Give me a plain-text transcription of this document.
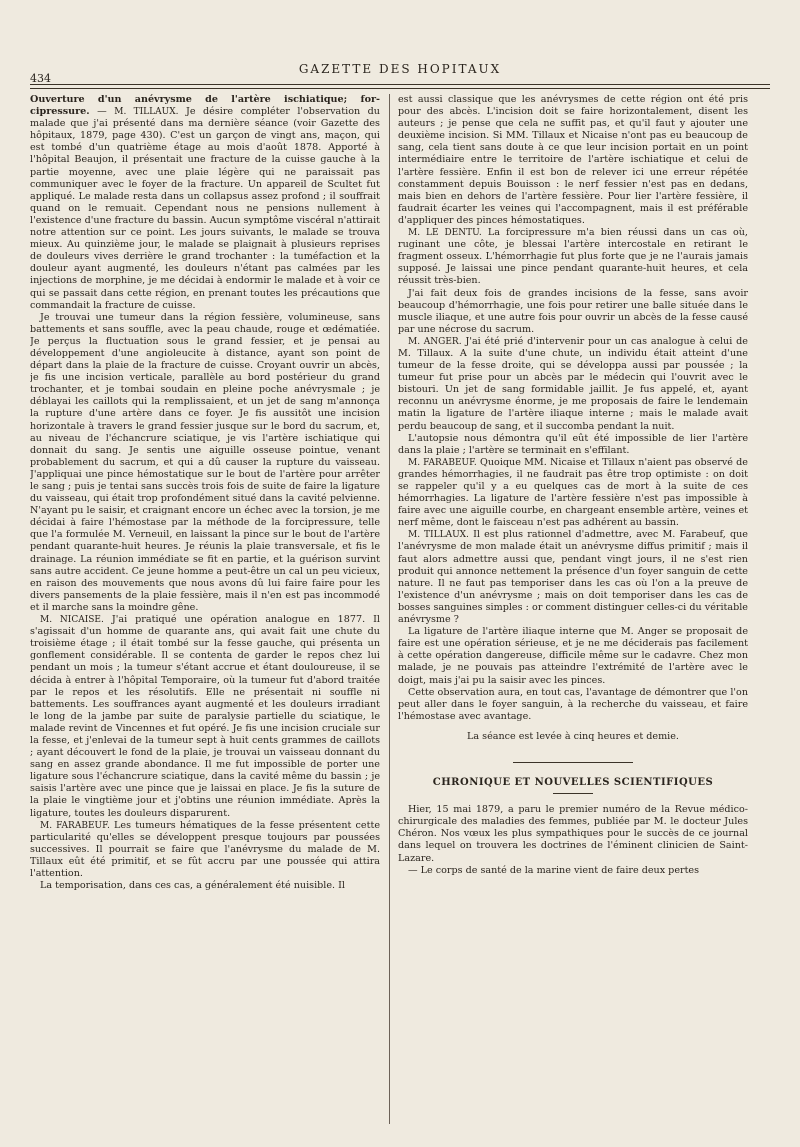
434
GAZETTE DES HOPITAUX

Ouverture d'un anévrysme de l'artère ischiatique; for-cipressure. — M. TILLAUX. Je désire compléter l'observation du malade que j'ai présenté dans ma dernière séance (voir Gazette des hôpitaux, 1879, page 430). C'est un garçon de vingt ans, maçon, qui est tombé d'un quatrième étage au mois d'août 1878. Apporté à l'hôpital Beaujon, il présentait une fracture de la cuisse gauche à la partie moyenne, avec une plaie légère qui ne paraissait pas communiquer avec le foyer de la fracture. Un appareil de Scultet fut appliqué. Le malade resta dans un collapsus assez profond ; il souffrait quand on le remuait. Cependant nous ne pensions nullement à l'existence d'une fracture du bassin. Aucun symptôme viscéral n'attirait notre attention sur ce point. Les jours suivants, le malade se trouva mieux. Au quinzième jour, le malade se plaignait à plusieurs reprises de douleurs vives derrière le grand trochanter : la tuméfaction et la douleur ayant augmenté, les douleurs n'étant pas calmées par les injections de morphine, je me décidai à endormir le malade et à voir ce qui se passait dans cette région, en prenant toutes les précautions que commandait la fracture de cuisse.

Je trouvai une tumeur dans la région fessière, volumineuse, sans battements et sans souffle, avec la peau chaude, rouge et œdématiée. Je perçus la fluctuation sous le grand fessier, et je pensai au développement d'une angioleucite à distance, ayant son point de départ dans la plaie de la fracture de cuisse. Croyant ouvrir un abcès, je fis une incision verticale, parallèle au bord postérieur du grand trochanter, et je tombai soudain en pleine poche anévrysmale ; je déblayai les caillots qui la remplissaient, et un jet de sang m'annonça la rupture d'une artère dans ce foyer. Je fis aussitôt une incision horizontale à travers le grand fessier jusque sur le bord du sacrum, et, au niveau de l'échancrure sciatique, je vis l'artère ischiatique qui donnait du sang. Je sentis une aiguille osseuse pointue, venant probablement du sacrum, et qui a dû causer la rupture du vaisseau. J'appliquai une pince hémostatique sur le bout de l'artère pour arrêter le sang ; puis je tentai sans succès trois fois de suite de faire la ligature du vaisseau, qui était trop profondément situé dans la cavité pelvienne. N'ayant pu le saisir, et craignant encore un échec avec la torsion, je me décidai à faire l'hémostase par la méthode de la forcipressure, telle que l'a formulée M. Verneuil, en laissant la pince sur le bout de l'artère pendant quarante-huit heures. Je réunis la plaie transversale, et fis le drainage. La réunion immédiate se fit en partie, et la guérison survint sans autre accident. Ce jeune homme a peut-être un cal un peu vicieux, en raison des mouvements que nous avons dû lui faire faire pour les divers pansements de la plaie fessière, mais il n'en est pas incommodé et il marche sans la moindre gêne.

M. NICAISE. J'ai pratiqué une opération analogue en 1877. Il s'agissait d'un homme de quarante ans, qui avait fait une chute du troisième étage ; il était tombé sur la fesse gauche, qui présenta un gonflement considérable. Il se contenta de garder le repos chez lui pendant un mois ; la tumeur s'étant accrue et étant douloureuse, il se décida à entrer à l'hôpital Temporaire, où la tumeur fut d'abord traitée par le repos et les résolutifs. Elle ne présentait ni souffle ni battements. Les souffrances ayant augmenté et les douleurs irradiant le long de la jambe par suite de paralysie partielle du sciatique, le malade revint de Vincennes et fut opéré. Je fis une incision cruciale sur la fesse, et j'enlevai de la tumeur sept à huit cents grammes de caillots ; ayant découvert le fond de la plaie, je trouvai un vaisseau donnant du sang en assez grande abondance. Il me fut impossible de porter une ligature sous l'échancrure sciatique, dans la cavité même du bassin ; je saisis l'artère avec une pince que je laissai en place. Je fis la suture de la plaie le vingtième jour et j'obtins une réunion immédiate. Après la ligature, toutes les douleurs disparurent.

M. FARABEUF. Les tumeurs hématiques de la fesse présentent cette particularité qu'elles se développent presque toujours par poussées successives. Il pourrait se faire que l'anévrysme du malade de M. Tillaux eût été primitif, et se fût accru par une poussée qui attira l'attention.

La temporisation, dans ces cas, a généralement été nuisible. Il

est aussi classique que les anévrysmes de cette région ont été pris pour des abcès. L'incision doit se faire horizontalement, disent les auteurs ; je pense que cela ne suffit pas, et qu'il faut y ajouter une deuxième incision. Si MM. Tillaux et Nicaise n'ont pas eu beaucoup de sang, cela tient sans doute à ce que leur incision portait en un point intermédiaire entre le territoire de l'artère ischiatique et celui de l'artère fessière. Enfin il est bon de relever ici une erreur répétée constamment depuis Bouisson : le nerf fessier n'est pas en dedans, mais bien en dehors de l'artère fessière. Pour lier l'artère fessière, il faudrait écarter les veines qui l'accompagnent, mais il est préférable d'appliquer des pinces hémostatiques.

M. LE DENTU. La forcipressure m'a bien réussi dans un cas où, ruginant une côte, je blessai l'artère intercostale en retirant le fragment osseux. L'hémorrhagie fut plus forte que je ne l'aurais jamais supposé. Je laissai une pince pendant quarante-huit heures, et cela réussit très-bien.

J'ai fait deux fois de grandes incisions de la fesse, sans avoir beaucoup d'hémorrhagie, une fois pour retirer une balle située dans le muscle iliaque, et une autre fois pour ouvrir un abcès de la fesse causé par une nécrose du sacrum.

M. ANGER. J'ai été prié d'intervenir pour un cas analogue à celui de M. Tillaux. A la suite d'une chute, un individu était atteint d'une tumeur de la fesse droite, qui se développa aussi par poussée ; la tumeur fut prise pour un abcès par le médecin qui l'ouvrit avec le bistouri. Un jet de sang formidable jaillit. Je fus appelé, et, ayant reconnu un anévrysme énorme, je me proposais de faire le lendemain matin la ligature de l'artère iliaque interne ; mais le malade avait perdu beaucoup de sang, et il succomba pendant la nuit.

L'autopsie nous démontra qu'il eût été impossible de lier l'artère dans la plaie ; l'artère se terminait en s'effilant.

M. FARABEUF. Quoique MM. Nicaise et Tillaux n'aient pas observé de grandes hémorrhagies, il ne faudrait pas être trop optimiste : on doit se rappeler qu'il y a eu quelques cas de mort à la suite de ces hémorrhagies. La ligature de l'artère fessière n'est pas impossible à faire avec une aiguille courbe, en chargeant ensemble artère, veines et nerf même, dont le faisceau n'est pas adhérent au bassin.

M. TILLAUX. Il est plus rationnel d'admettre, avec M. Farabeuf, que l'anévrysme de mon malade était un anévrysme diffus primitif ; mais il faut alors admettre aussi que, pendant vingt jours, il ne s'est rien produit qui annonce nettement la présence d'un foyer sanguin de cette nature. Il ne faut pas temporiser dans les cas où l'on a la preuve de l'existence d'un anévrysme ; mais on doit temporiser dans les cas de bosses sanguines simples : or comment distinguer celles-ci du véritable anévrysme ?

La ligature de l'artère iliaque interne que M. Anger se proposait de faire est une opération sérieuse, et je ne me déciderais pas facilement à cette opération dangereuse, difficile même sur le cadavre. Chez mon malade, je ne pouvais pas atteindre l'extrémité de l'artère avec le doigt, mais j'ai pu la saisir avec les pinces.

Cette observation aura, en tout cas, l'avantage de démontrer que l'on peut aller dans le foyer sanguin, à la recherche du vaisseau, et faire l'hémostase avec avantage.

La séance est levée à cinq heures et demie.

CHRONIQUE ET NOUVELLES SCIENTIFIQUES

Hier, 15 mai 1879, a paru le premier numéro de la Revue médico-chirurgicale des maladies des femmes, publiée par M. le docteur Jules Chéron. Nos vœux les plus sympathiques pour le succès de ce journal dans lequel on trouvera les doctrines de l'éminent clinicien de Saint-Lazare.

— Le corps de santé de la marine vient de faire deux pertes
